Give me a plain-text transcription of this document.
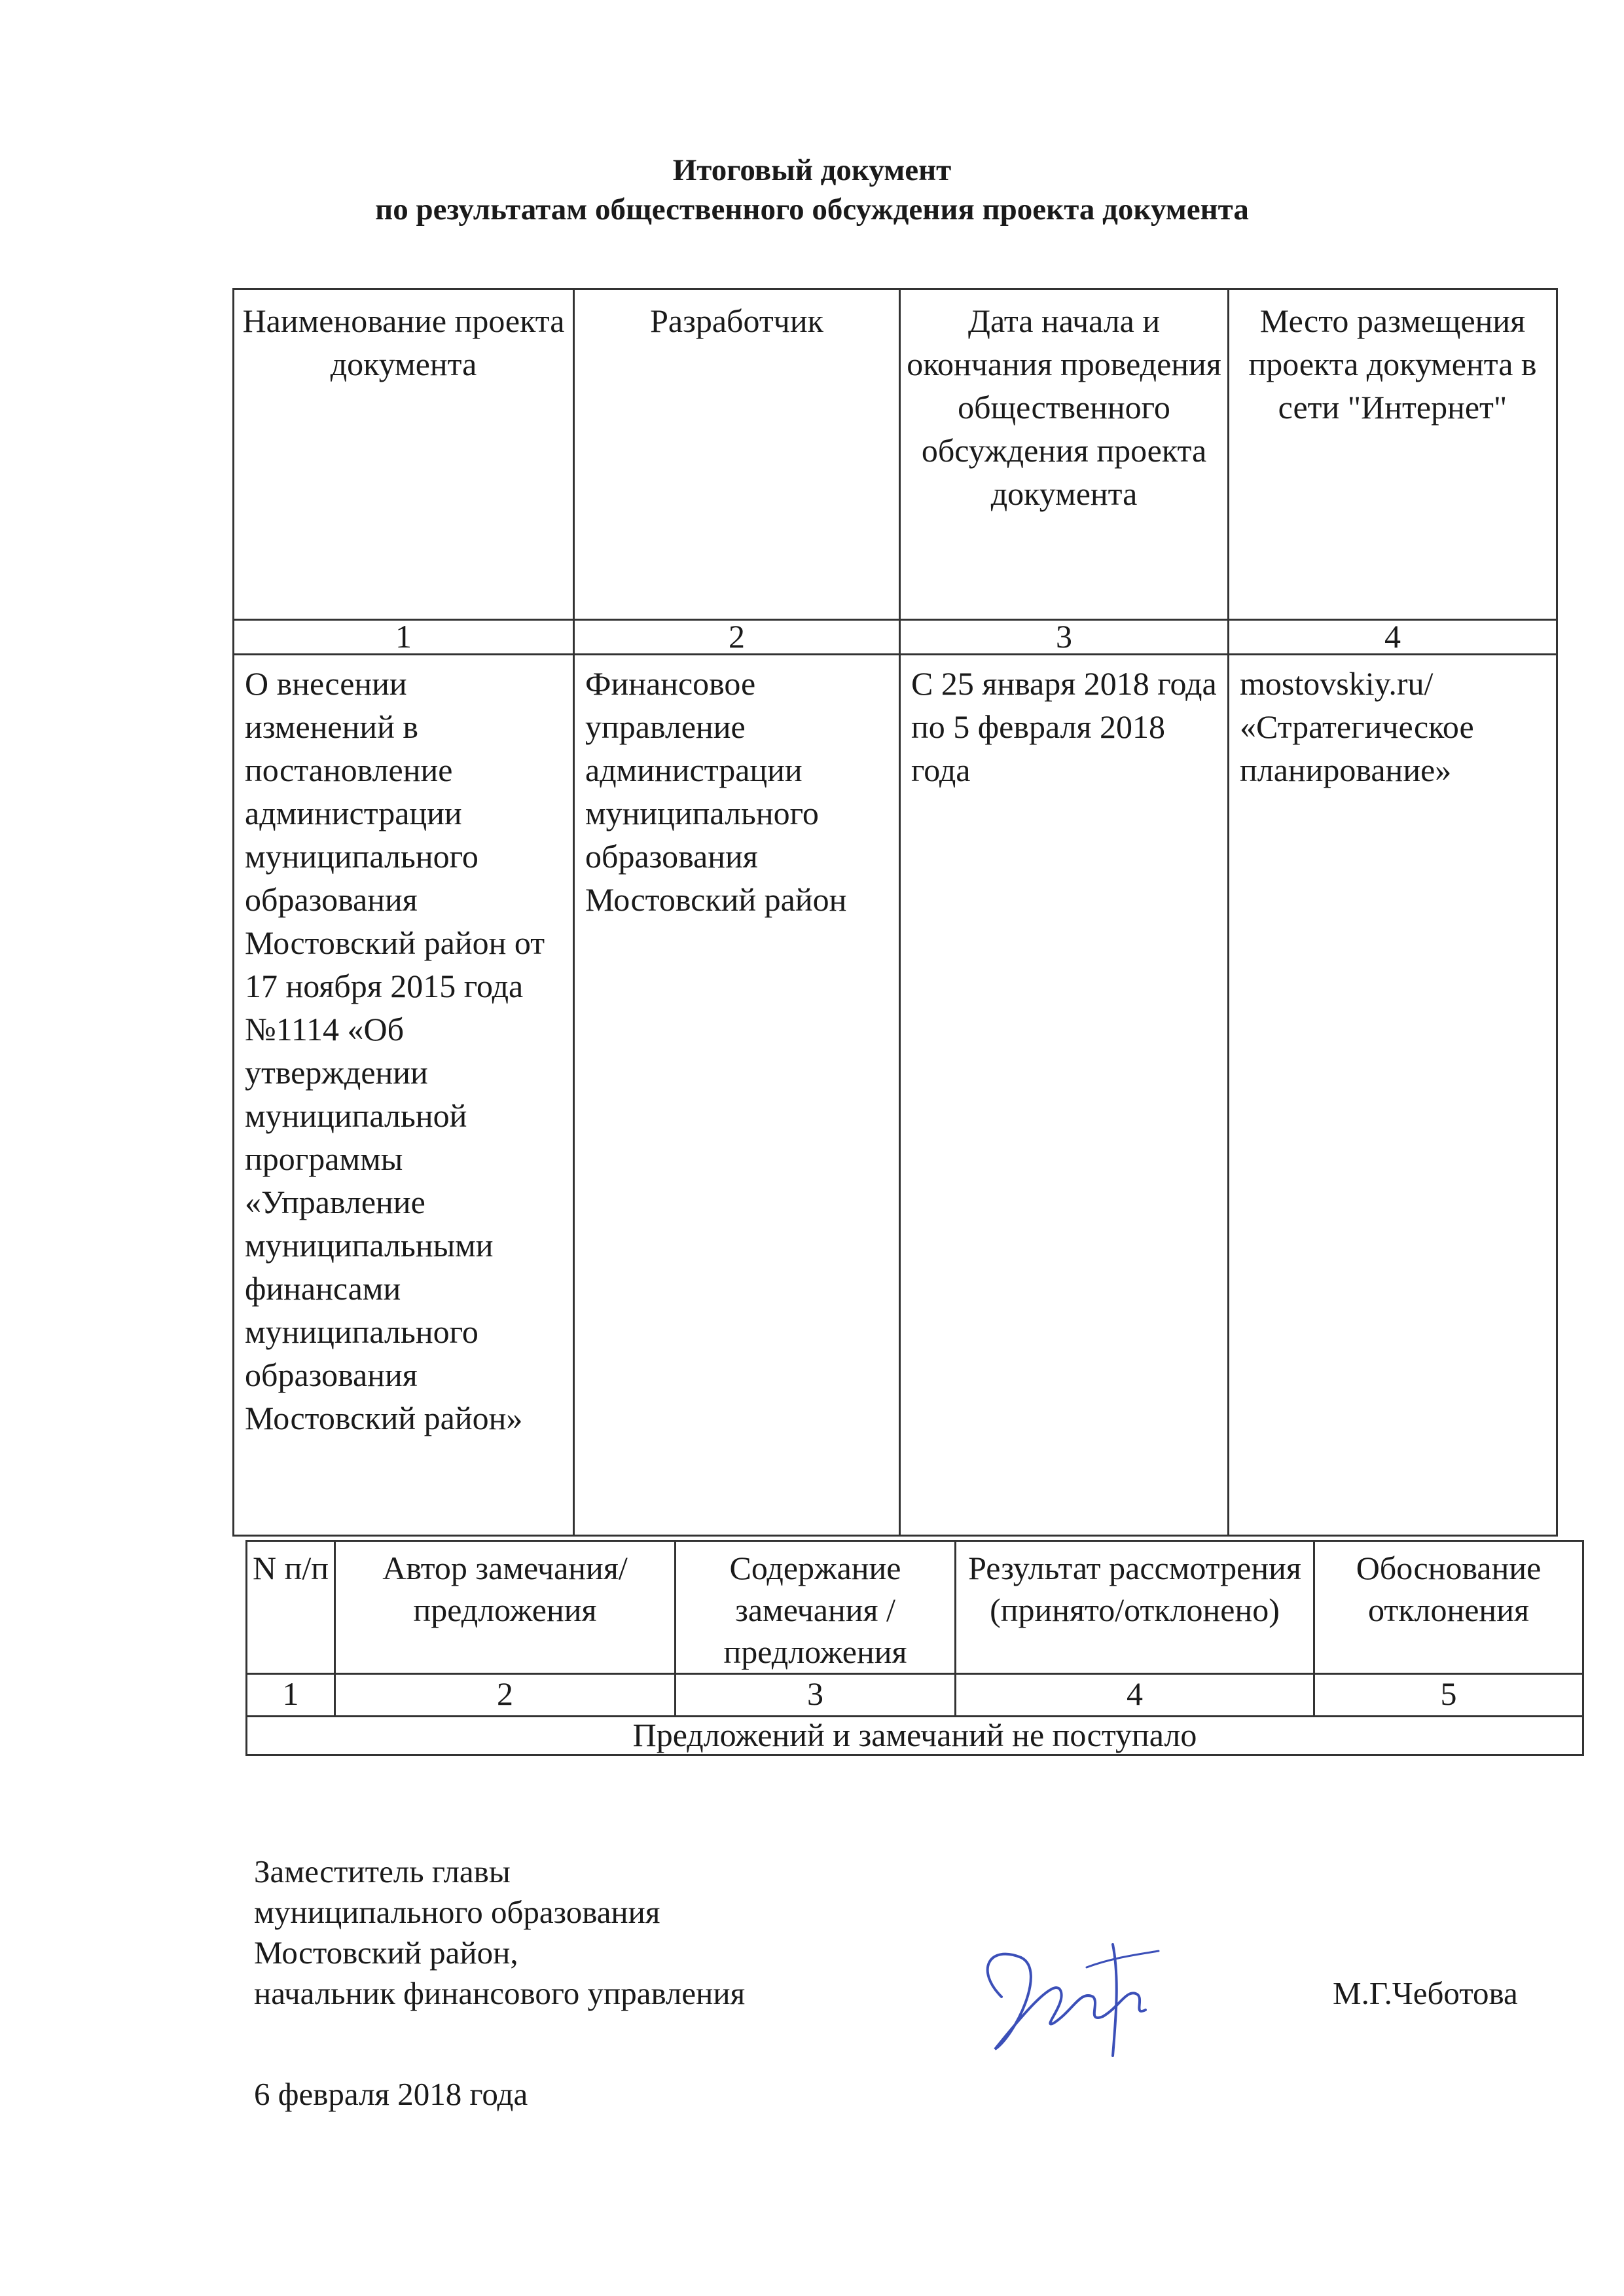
Итоговый документ
по результатам общественного обсуждения проекта документа
Наименование проекта документа	Разработчик	Дата начала и окончания проведения общественного обсуждения проекта документа	Место размещения проекта документа в сети "Интернет"
1	2	3	4
О внесении изменений в постановление администрации муниципального образования Мостовский район от 17 ноября 2015 года №1114 «Об утверждении муниципальной программы «Управление муниципальными финансами муниципального образования Мостовский район»	Финансовое управление администрации муниципального образования Мостовский район	С 25 января 2018 года по 5 февраля 2018 года	mostovskiy.ru/ «Стратегическое планирование»
N п/п	Автор замечания/ предложения	Содержание замечания / предложения	Результат рассмотрения (принято/отклонено)	Обоснование отклонения
1	2	3	4	5
Предложений и замечаний не поступало				
Заместитель главы
муниципального образования
Мостовский район,
начальник финансового управления	М.Г.Чеботова
6 февраля 2018 года
